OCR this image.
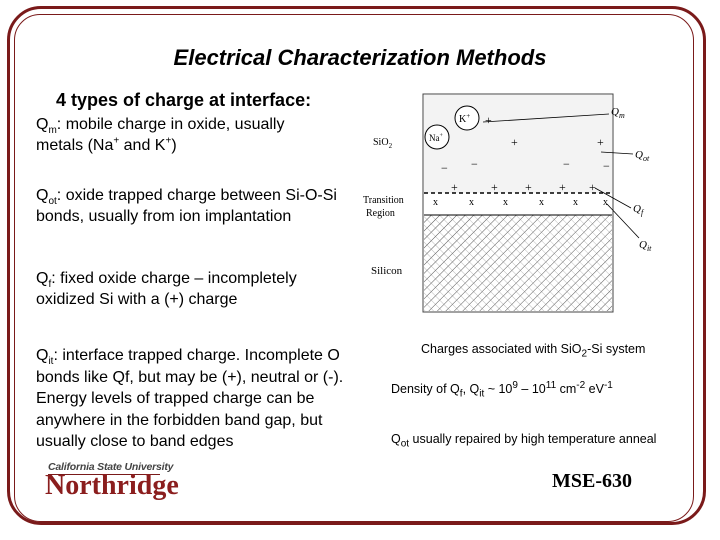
Electrical Characterization Methods
4 types of charge at interface:
$Q_m$: mobile charge in oxide, usually metals (Na+ and K+)
$Q_{ot}$: oxide trapped charge between Si-O-Si bonds, usually from ion implantation
$Q_f$: fixed oxide charge – incompletely oxidized Si with a (+) charge
$Q_{it}$: interface trapped charge. Incomplete O bonds like Qf, but may be (+), neutral or (-). Energy levels of trapped charge can be anywhere in the forbidden band gap, but usually close to band edges
SiO$_2$
Transition
Region
Silicon
K+
Na+
+
+	+
− −	−	−
+	+ + + +
x	x	x	x	x	x
$Q_m$
$Q_{ot}$
$Q_f$
$Q_{it}$
Charges associated with SiO$_2$-Si system
Density of $Q_f$, $Q_{it}$ ~ $10^9 - 10^{11}$ $cm^{-2}$ $eV^{-1}$
$Q_{ot}$ usually repaired by high temperature anneal
California State University
Northridge	MSE-630
